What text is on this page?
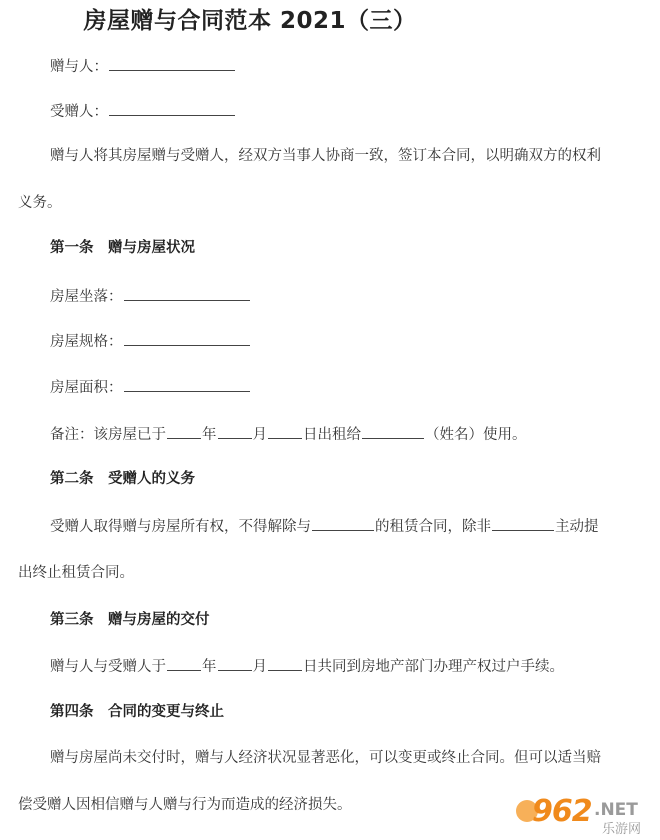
房屋赠与合同范本 2021（三）
赠与人：
受赠人：
赠与人将其房屋赠与受赠人，经双方当事人协商一致，签订本合同，以明确双方的权利
义务。
第一条　赠与房屋状况
房屋坐落：
房屋规格：
房屋面积：
备注：该房屋已于 年 月 日出租给	（姓名）使用。
第二条　受赠人的义务
受赠人取得赠与房屋所有权，不得解除与	的租赁合同，除非	主动提
出终止租赁合同。
第三条　赠与房屋的交付
赠与人与受赠人于 年 月 日共同到房地产部门办理产权过户手续。
第四条　合同的变更与终止
赠与房屋尚未交付时，赠与人经济状况显著恶化，可以变更或终止合同。但可以适当赔
偿受赠人因相信赠与人赠与行为而造成的经济损失。	962 .NET
乐游网
